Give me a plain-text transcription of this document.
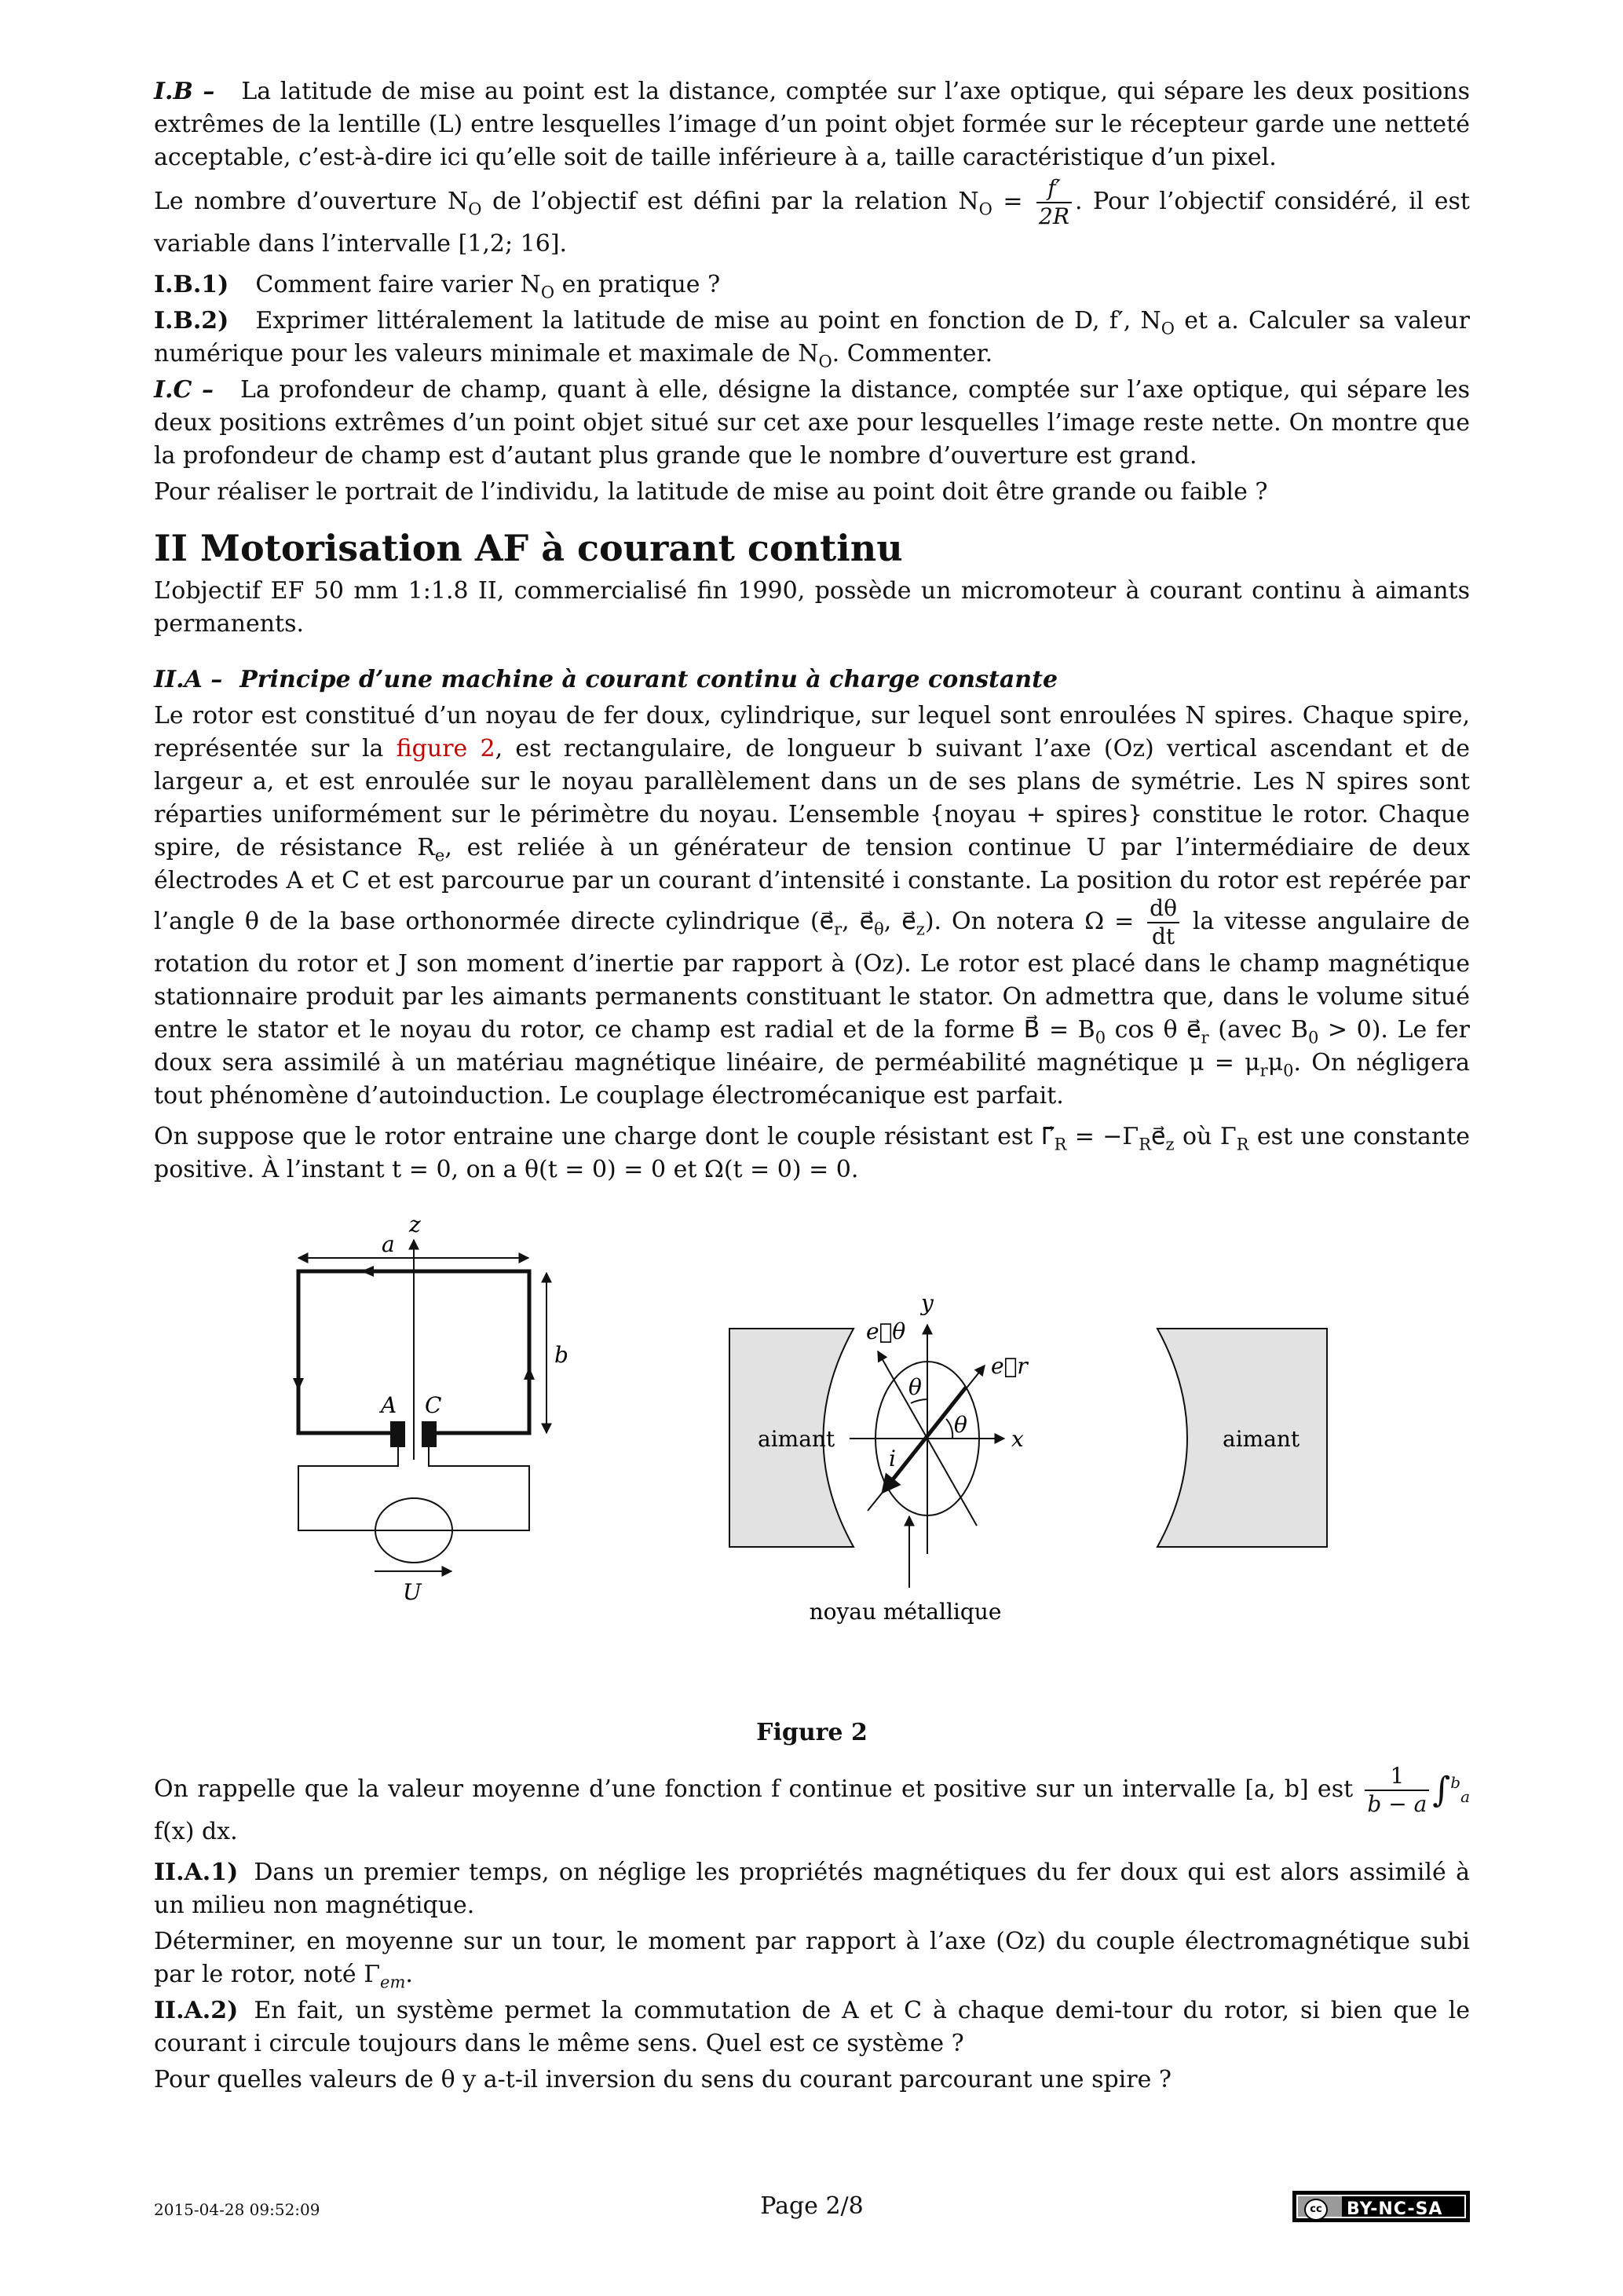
I.B – La latitude de mise au point est la distance, comptée sur l’axe optique, qui sépare les deux positions extrêmes de la lentille (L) entre lesquelles l’image d’un point objet formée sur le récepteur garde une netteté acceptable, c’est-à-dire ici qu’elle soit de taille inférieure à a, taille caractéristique d’un pixel.

Le nombre d’ouverture $N_O$ de l’objectif est défini par la relation $N_O = \frac{f'}{2R}$ . Pour l’objectif considéré, il est variable dans l’intervalle [1,2; 16].

I.B.1) Comment faire varier $N_O$ en pratique ?

I.B.2) Exprimer littéralement la latitude de mise au point en fonction de D, f′, $N_O$ et a. Calculer sa valeur numérique pour les valeurs minimale et maximale de $N_O$. Commenter.

I.C – La profondeur de champ, quant à elle, désigne la distance, comptée sur l’axe optique, qui sépare les deux positions extrêmes d’un point objet situé sur cet axe pour lesquelles l’image reste nette. On montre que la profondeur de champ est d’autant plus grande que le nombre d’ouverture est grand.

Pour réaliser le portrait de l’individu, la latitude de mise au point doit être grande ou faible ?

II Motorisation AF à courant continu

L’objectif EF 50 mm 1:1.8 II, commercialisé fin 1990, possède un micromoteur à courant continu à aimants permanents.

II.A – Principe d’une machine à courant continu à charge constante

Le rotor est constitué d’un noyau de fer doux, cylindrique, sur lequel sont enroulées N spires. Chaque spire, représentée sur la figure 2, est rectangulaire, de longueur b suivant l’axe (Oz) vertical ascendant et de largeur a, et est enroulée sur le noyau parallèlement dans un de ses plans de symétrie. Les N spires sont réparties uniformément sur le périmètre du noyau. L’ensemble {noyau + spires} constitue le rotor. Chaque spire, de résistance $R_e$, est reliée à un générateur de tension continue U par l’intermédiaire de deux électrodes A et C et est parcourue par un courant d’intensité i constante. La position du rotor est repérée par l’angle θ de la base orthonormée directe cylindrique ($e⃗_r$, $e⃗_\theta$, $e⃗_z$). On notera $\Omega = \frac{d\theta}{dt}$ la vitesse angulaire de rotation du rotor et J son moment d’inertie par rapport à (Oz). Le rotor est placé dans le champ magnétique stationnaire produit par les aimants permanents constituant le stator. On admettra que, dans le volume situé entre le stator et le noyau du rotor, ce champ est radial et de la forme B⃗ = $B_0$ cos θ $e⃗_r$ (avec $B_0 > 0$). Le fer doux sera assimilé à un matériau magnétique linéaire, de perméabilité magnétique $\mu = \mu_r\mu_0$. On négligera tout phénomène d’autoinduction. Le couplage électromécanique est parfait.

On suppose que le rotor entraine une charge dont le couple résistant est $\Gamma⃗_R$ = $-\Gamma_Re⃗_z$ où $\Gamma_R$ est une constante positive. À l’instant t = 0, on a θ(t = 0) = 0 et Ω(t = 0) = 0.

z
a
b
A C
U
y
x
e⃗θ
e⃗r
θ
θ
i
aimant	aimant
noyau métallique
Figure 2

On rappelle que la valeur moyenne d’une fonction f continue et positive sur un intervalle [a, b] est $\frac{1}{b - a} \int^b_a$ f(x) dx.

II.A.1) Dans un premier temps, on néglige les propriétés magnétiques du fer doux qui est alors assimilé à un milieu non magnétique.

Déterminer, en moyenne sur un tour, le moment par rapport à l’axe (Oz) du couple électromagnétique subi par le rotor, noté $\Gamma_{em}$.

II.A.2) En fait, un système permet la commutation de A et C à chaque demi-tour du rotor, si bien que le courant i circule toujours dans le même sens. Quel est ce système ?

Pour quelles valeurs de θ y a-t-il inversion du sens du courant parcourant une spire ?

2015-04-28 09:52:09	Page 2/8	cc	BY-NC-SA
